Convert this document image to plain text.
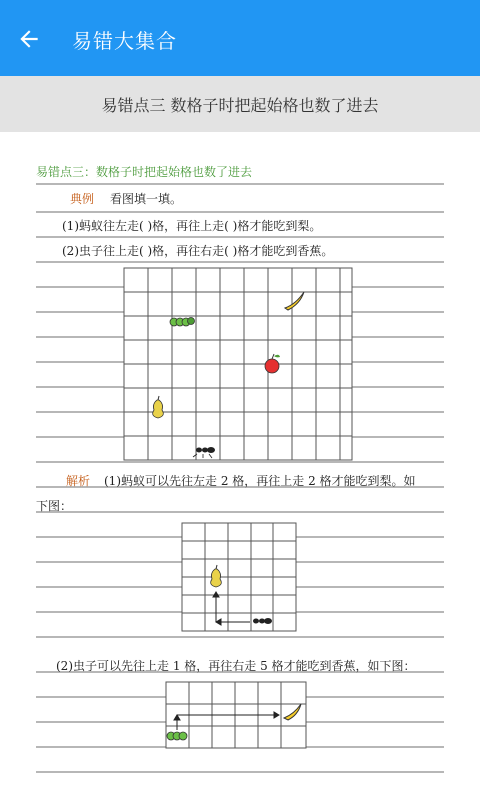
易错大集合
易错点三 数格子时把起始格也数了进去
易错点三：数格子时把起始格也数了进去
典例 看图填一填。
(1)蚂蚁往左走( )格，再往上走( )格才能吃到梨。
(2)虫子往上走( )格，再往右走( )格才能吃到香蕉。
解析 (1)蚂蚁可以先往左走 2 格，再往上走 2 格才能吃到梨。如
下图：
(2)虫子可以先往上走 1 格，再往右走 5 格才能吃到香蕉，如下图：
